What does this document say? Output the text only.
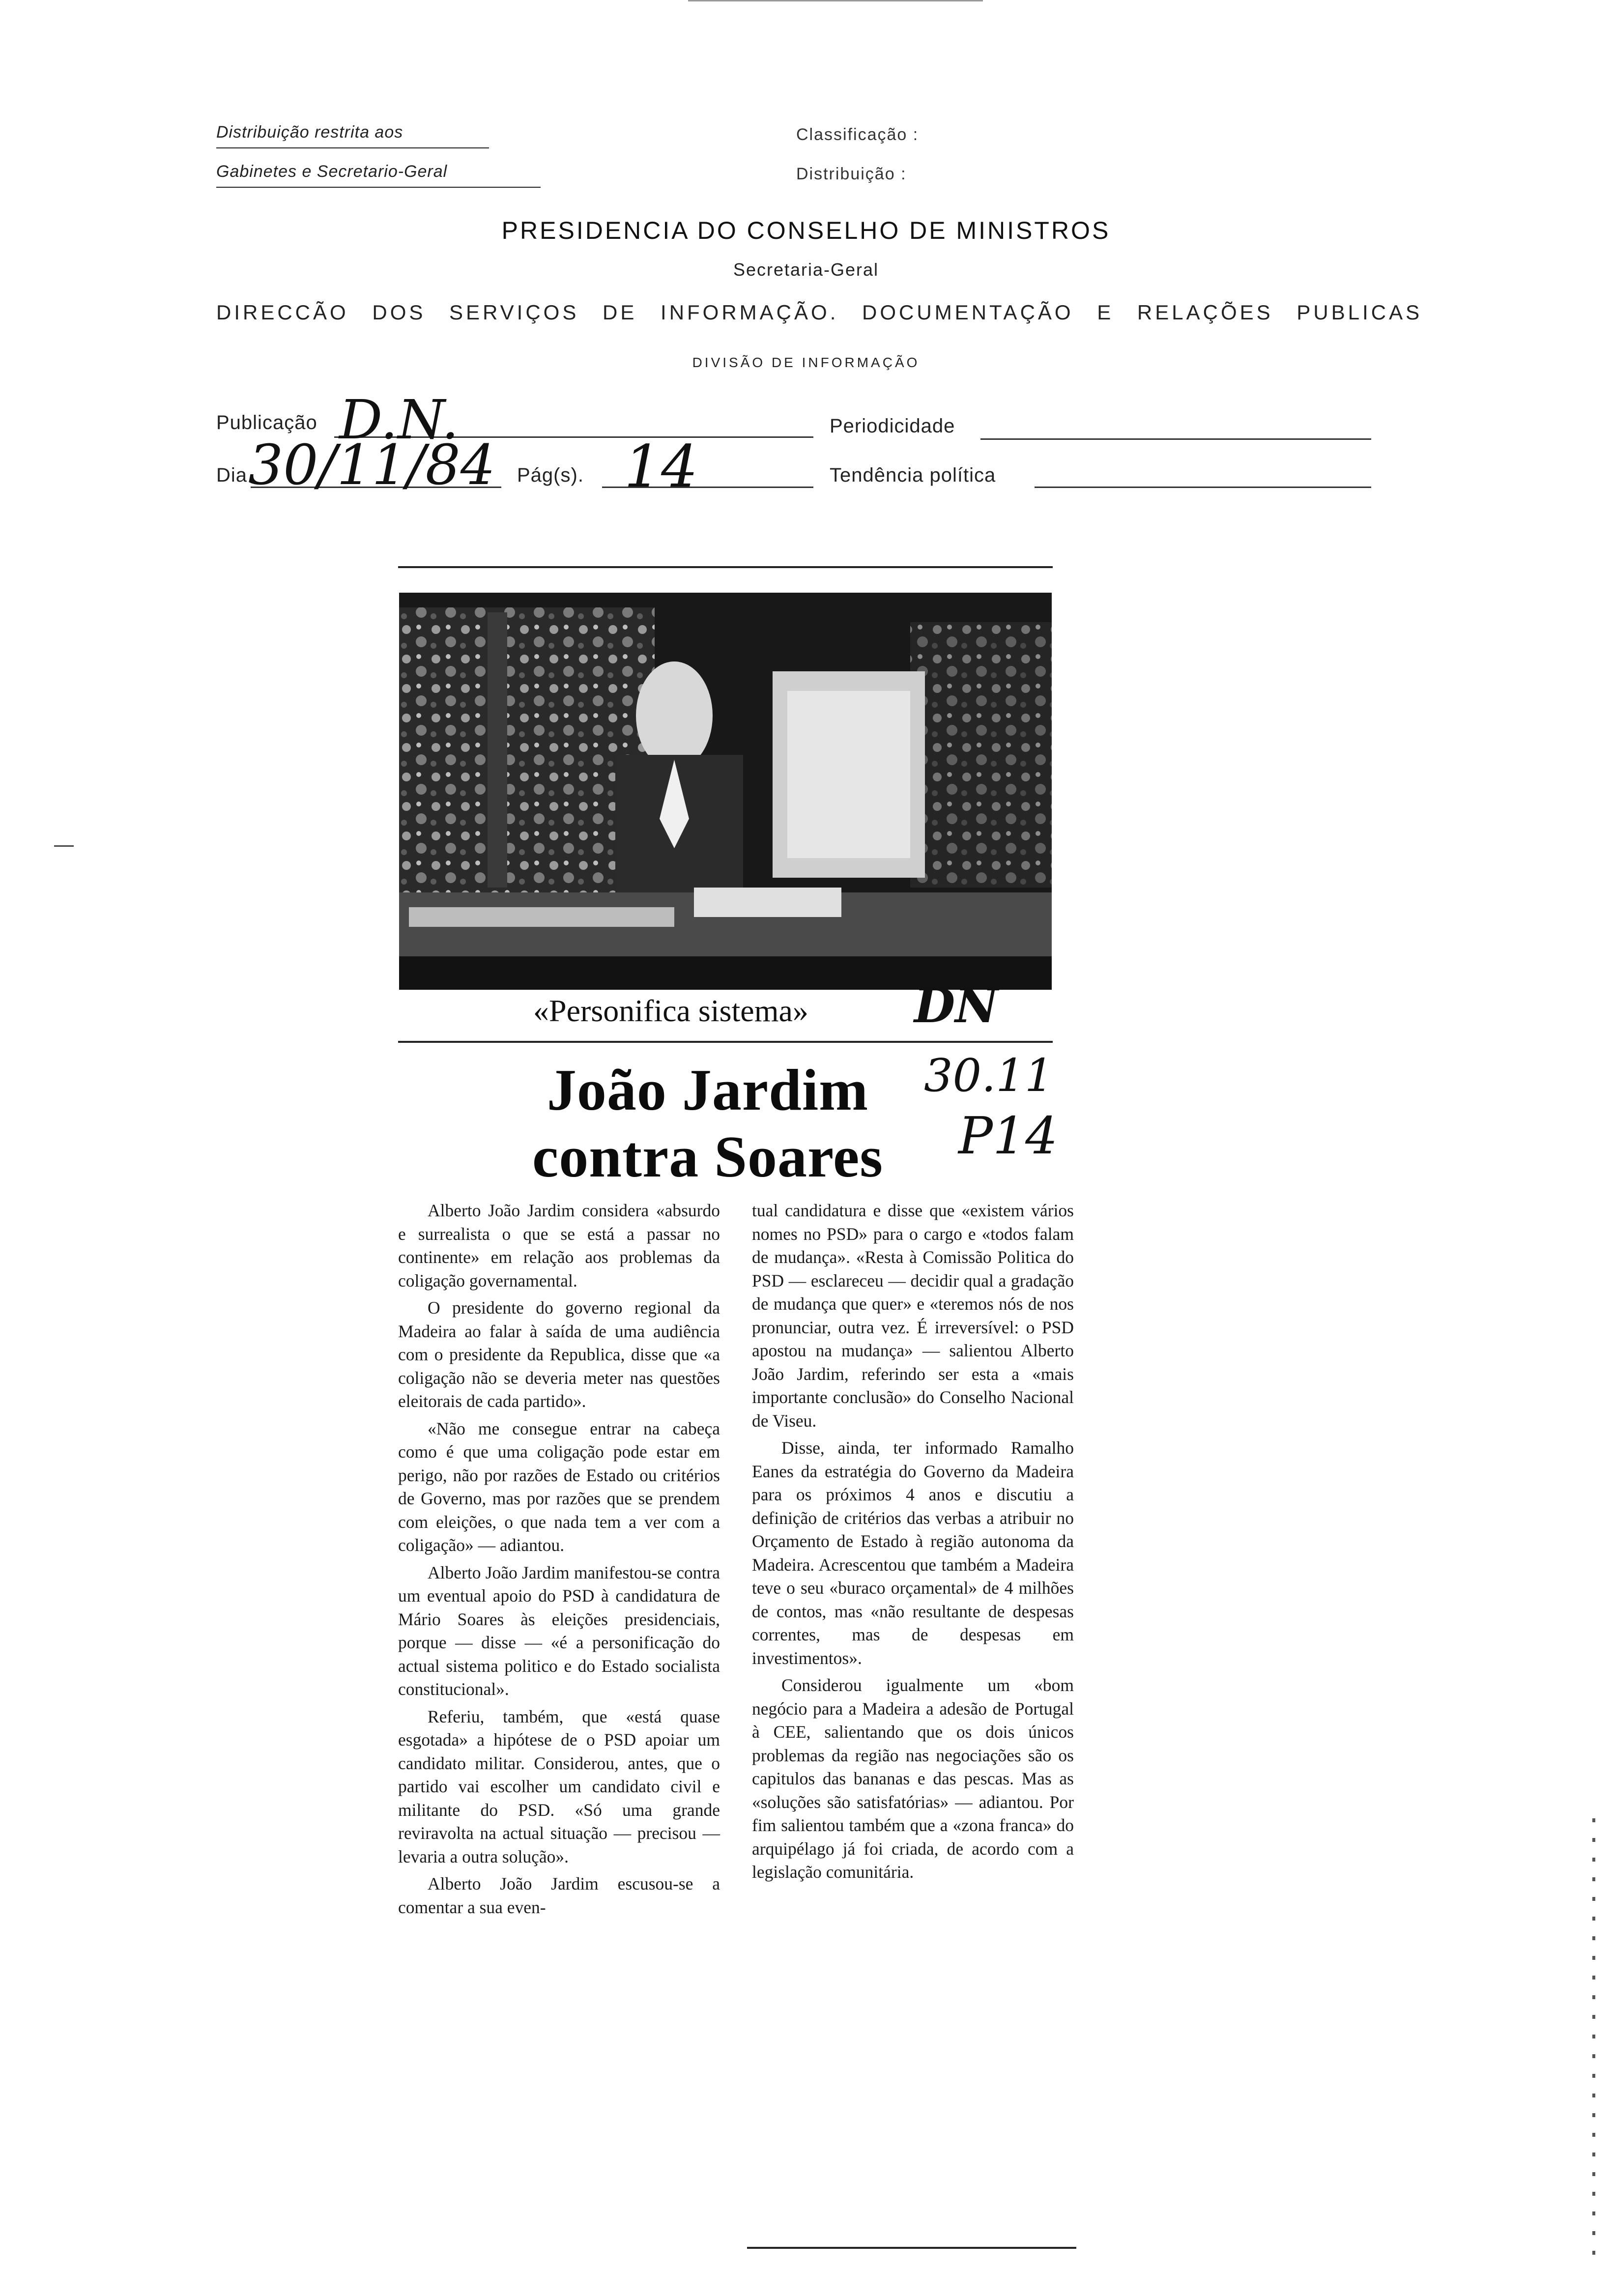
Distribuição restrita aos
Gabinetes e Secretario-Geral
Classificação :
Distribuição :
PRESIDENCIA DO CONSELHO DE MINISTROS
Secretaria-Geral
DIRECCÃO DOS SERVIÇOS DE INFORMAÇÃO. DOCUMENTAÇÃO E RELAÇÕES PUBLICAS
DIVISÃO DE INFORMAÇÃO
Publicação D.N.	Periodicidade
Dia 30/11/84 Pág(s). 14	Tendência política
«Personifica sistema» DN
João Jardim
contra Soares
30.11
P14

Alberto João Jardim considera «absurdo e surrealista o que se está a passar no continente» em relação aos problemas da coligação governamental.

O presidente do governo regional da Madeira ao falar à saída de uma audiência com o presidente da Republica, disse que «a coligação não se deveria meter nas questões eleitorais de cada partido».

«Não me consegue entrar na cabeça como é que uma coligação pode estar em perigo, não por razões de Estado ou critérios de Governo, mas por razões que se prendem com eleições, o que nada tem a ver com a coligação» — adiantou.

Alberto João Jardim manifestou-se contra um eventual apoio do PSD à candidatura de Mário Soares às eleições presidenciais, porque — disse — «é a personificação do actual sistema politico e do Estado socialista constitucional».

Referiu, também, que «está quase esgotada» a hipótese de o PSD apoiar um candidato militar. Considerou, antes, que o partido vai escolher um candidato civil e militante do PSD. «Só uma grande reviravolta na actual situação — precisou — levaria a outra solução».

Alberto João Jardim escusou-se a comentar a sua even-

tual candidatura e disse que «existem vários nomes no PSD» para o cargo e «todos falam de mudança». «Resta à Comissão Politica do PSD — esclareceu — decidir qual a gradação de mudança que quer» e «teremos nós de nos pronunciar, outra vez. É irreversível: o PSD apostou na mudança» — salientou Alberto João Jardim, referindo ser esta a «mais importante conclusão» do Conselho Nacional de Viseu.

Disse, ainda, ter informado Ramalho Eanes da estratégia do Governo da Madeira para os próximos 4 anos e discutiu a definição de critérios das verbas a atribuir no Orçamento de Estado à região autonoma da Madeira. Acrescentou que também a Madeira teve o seu «buraco orçamental» de 4 milhões de contos, mas «não resultante de despesas correntes, mas de despesas em investimentos».

Considerou igualmente um «bom negócio para a Madeira a adesão de Portugal à CEE, salientando que os dois únicos problemas da região nas negociações são os capitulos das bananas e das pescas. Mas as «soluções são satisfatórias» — adiantou. Por fim salientou também que a «zona franca» do arquipélago já foi criada, de acordo com a legislação comunitária.
